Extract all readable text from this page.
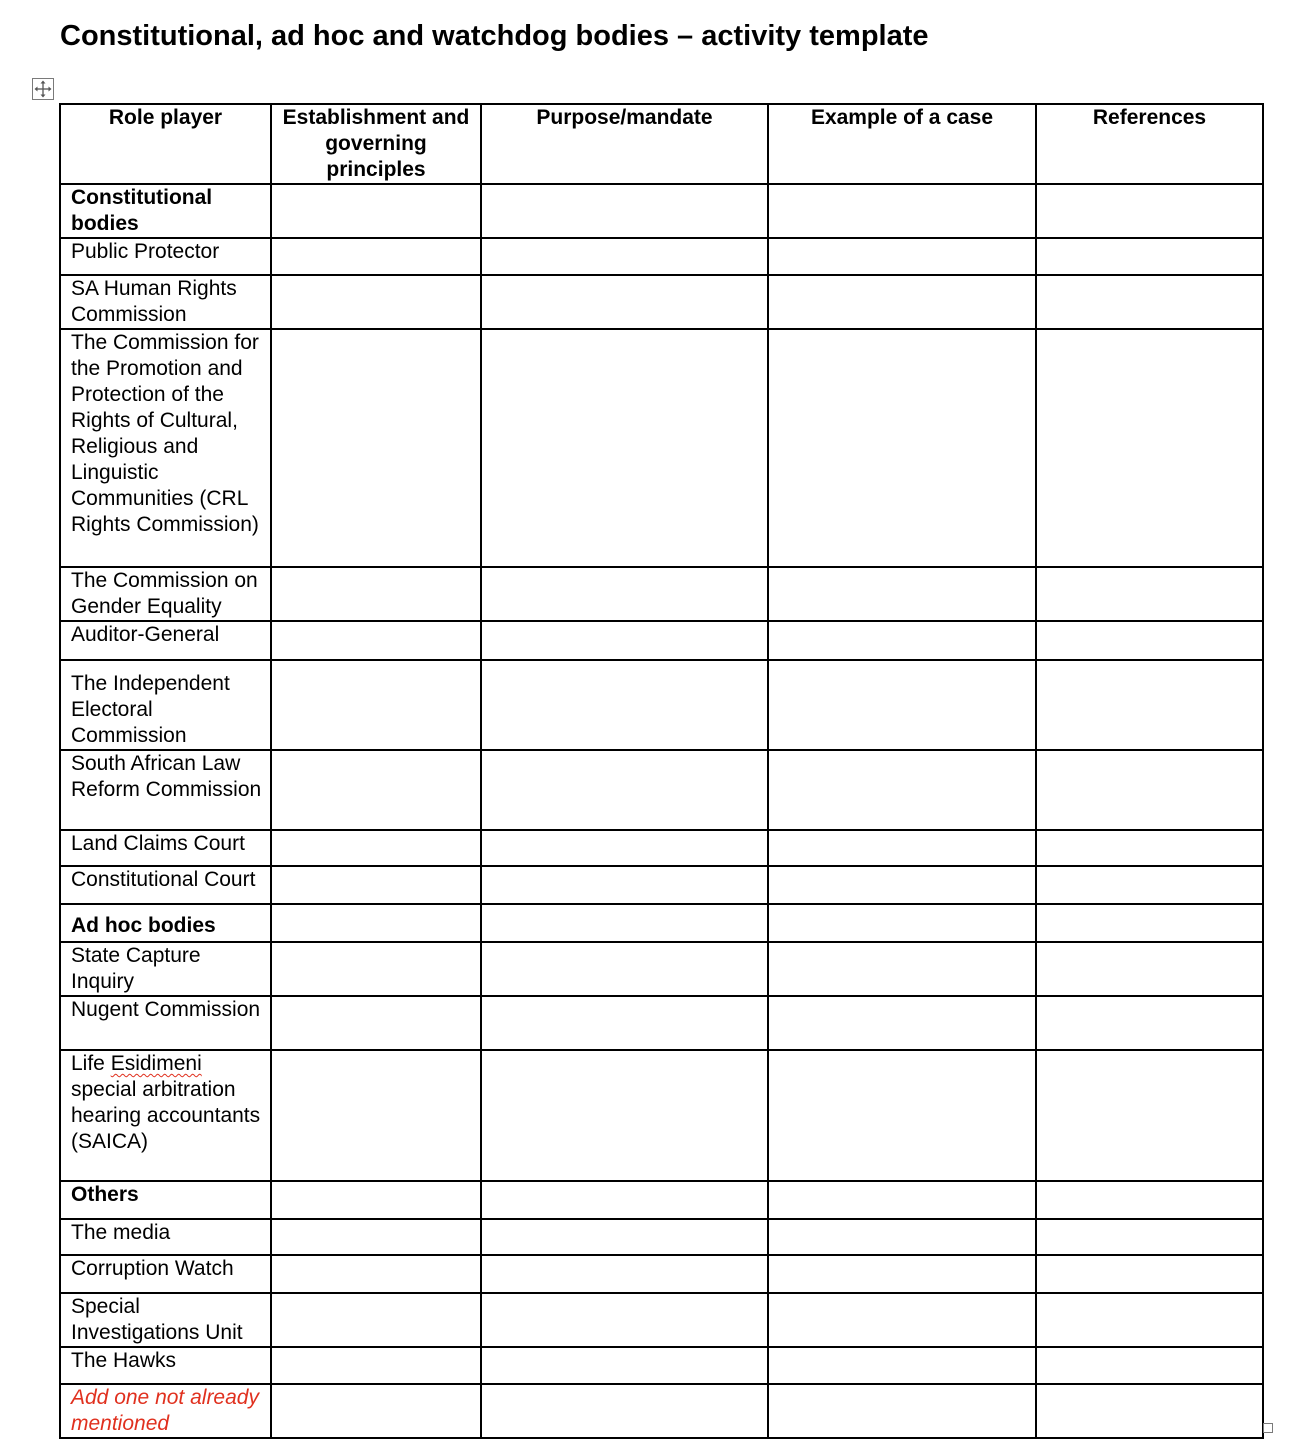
Constitutional, ad hoc and watchdog bodies – activity template
Role player	Establishment and governing principles	Purpose/mandate	Example of a case	References
Constitutional bodies				
Public Protector				
SA Human Rights Commission				
The Commission for the Promotion and Protection of the Rights of Cultural, Religious and Linguistic Communities (CRL Rights Commission)				
The Commission on Gender Equality				
Auditor-General				
The Independent Electoral Commission				
South African Law Reform Commission				
Land Claims Court				
Constitutional Court				
Ad hoc bodies				
State Capture Inquiry				
Nugent Commission				
Life Esidimeni special arbitration hearing accountants (SAICA)				
Others				
The media				
Corruption Watch				
Special Investigations Unit				
The Hawks				
Add one not already mentioned				
